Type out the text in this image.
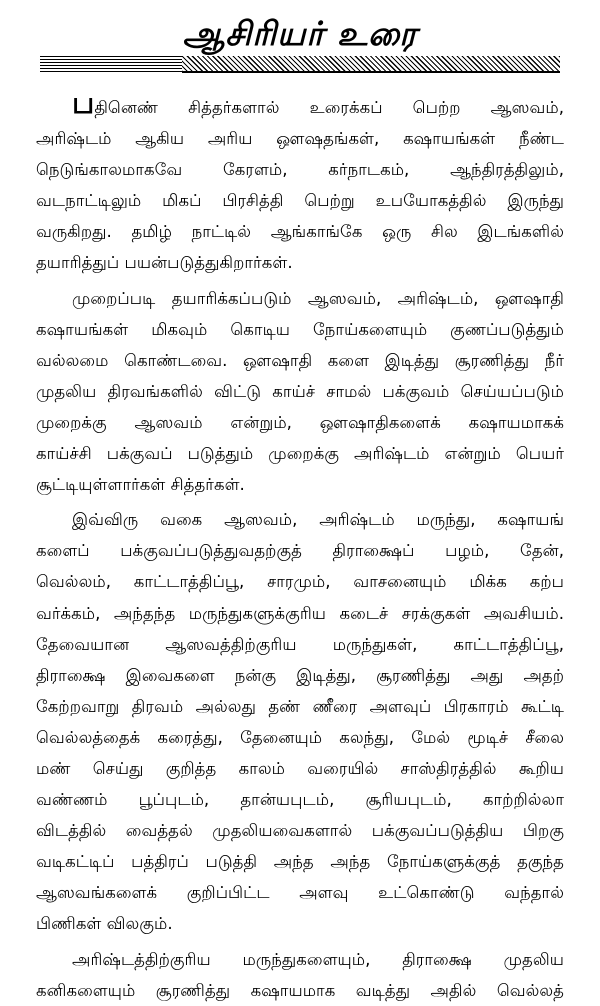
ஆசிரியர் உரை
பதினெண் சித்தர்களால் உரைக்கப் பெற்ற ஆஸவம்,
அரிஷ்டம் ஆகிய அரிய ஔஷதங்கள், கஷாயங்கள் நீண்ட
நெடுங்காலமாகவே கேரளம், கர்நாடகம், ஆந்திரத்திலும்,
வடநாட்டிலும் மிகப் பிரசித்தி பெற்று உபயோகத்தில் இருந்து
வருகிறது. தமிழ் நாட்டில் ஆங்காங்கே ஒரு சில இடங்களில்
தயாரித்துப் பயன்படுத்துகிறார்கள்.
முறைப்படி தயாரிக்கப்படும் ஆஸவம், அரிஷ்டம், ஔஷாதி
கஷாயங்கள் மிகவும் கொடிய நோய்களையும் குணப்படுத்தும்
வல்லமை கொண்டவை. ஔஷாதி களை இடித்து சூரணித்து நீர்
முதலிய திரவங்களில் விட்டு காய்ச் சாமல் பக்குவம் செய்யப்படும்
முறைக்கு ஆஸவம் என்றும், ஔஷாதிகளைக் கஷாயமாகக்
காய்ச்சி பக்குவப் படுத்தும் முறைக்கு அரிஷ்டம் என்றும் பெயர்
சூட்டியுள்ளார்கள் சித்தர்கள்.
இவ்விரு வகை ஆஸவம், அரிஷ்டம் மருந்து, கஷாயங்
களைப் பக்குவப்படுத்துவதற்குத் திராக்ஷைப் பழம், தேன்,
வெல்லம், காட்டாத்திப்பூ, சாரமும், வாசனையும் மிக்க கற்ப
வர்க்கம், அந்தந்த மருந்துகளுக்குரிய கடைச் சரக்குகள் அவசியம்.
தேவையான ஆஸவத்திற்குரிய மருந்துகள், காட்டாத்திப்பூ,
திராக்ஷை இவைகளை நன்கு இடித்து, சூரணித்து அது அதற்
கேற்றவாறு திரவம் அல்லது தண் ணீரை அளவுப் பிரகாரம் கூட்டி
வெல்லத்தைக் கரைத்து, தேனையும் கலந்து, மேல் மூடிச் சீலை
மண் செய்து குறித்த காலம் வரையில் சாஸ்திரத்தில் கூறிய
வண்ணம் பூப்புடம், தான்யபுடம், சூரியபுடம், காற்றில்லா
விடத்தில் வைத்தல் முதலியவைகளால் பக்குவப்படுத்திய பிறகு
வடிகட்டிப் பத்திரப் படுத்தி அந்த அந்த நோய்களுக்குத் தகுந்த
ஆஸவங்களைக் குறிப்பிட்ட அளவு உட்கொண்டு வந்தால்
பிணிகள் விலகும்.
அரிஷ்டத்திற்குரிய மருந்துகளையும், திராக்ஷை முதலிய
கனிகளையும் சூரணித்து கஷாயமாக வடித்து அதில் வெல்லத்
